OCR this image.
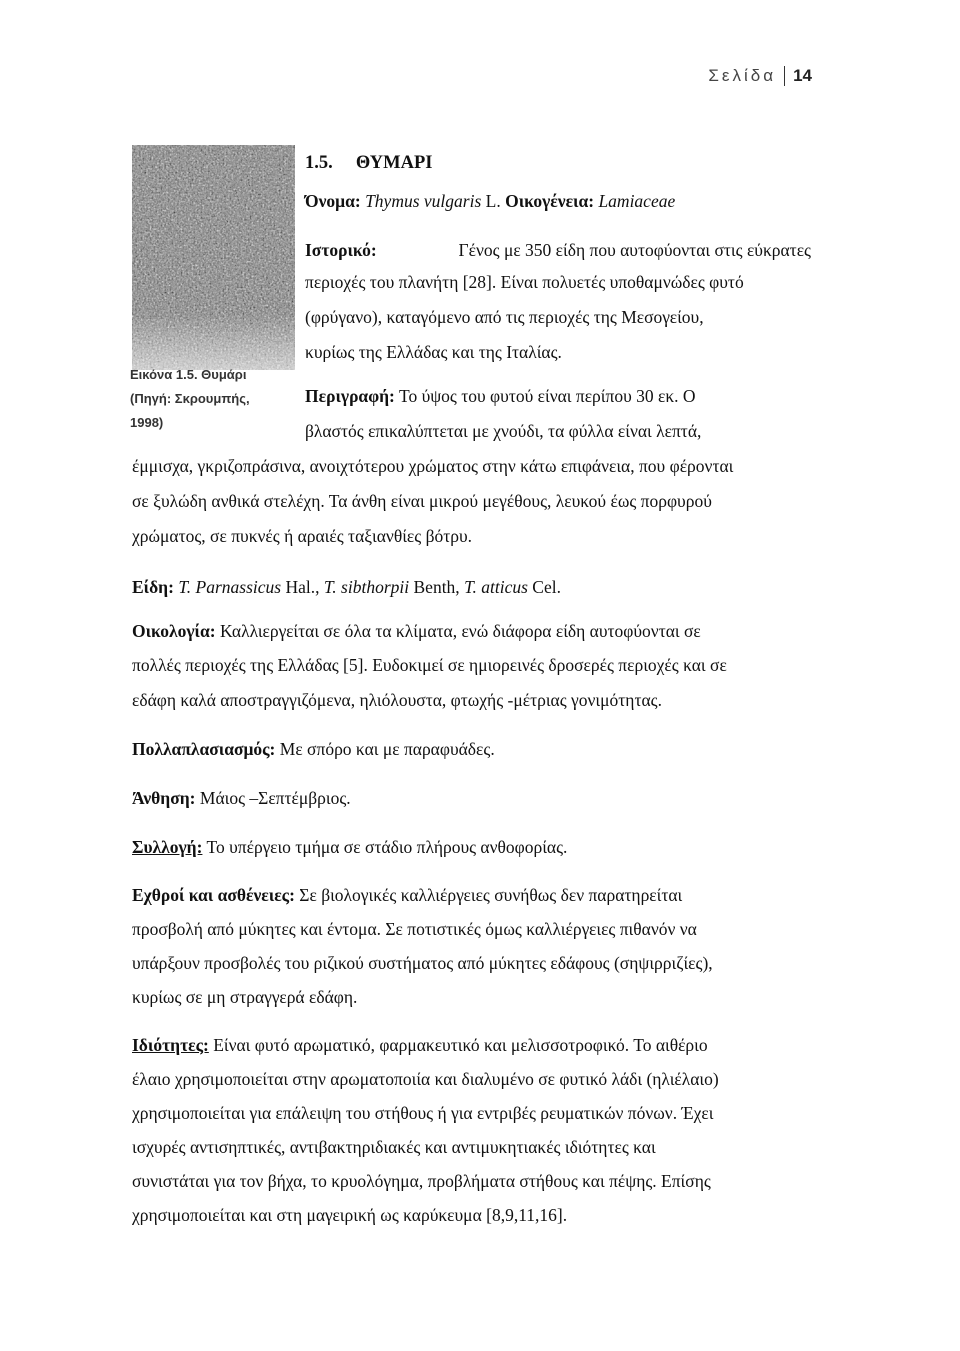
Σελίδα 14
Εικόνα 1.5. Θυμάρι
(Πηγή: Σκρουμπής,
1998)
1.5. ΘΥΜΑΡΙ
Όνομα: Thymus vulgaris L. Οικογένεια: Lamiaceae
Ιστορικό:	Γένος με 350 είδη που αυτοφύονται στις εύκρατες
περιοχές του πλανήτη [28]. Είναι πολυετές υποθαμνώδες φυτό
(φρύγανο), καταγόμενο από τις περιοχές της Μεσογείου,
κυρίως της Ελλάδας και της Ιταλίας.
Περιγραφή: Το ύψος του φυτού είναι περίπου 30 εκ. Ο
βλαστός επικαλύπτεται με χνούδι, τα φύλλα είναι λεπτά,
έμμισχα, γκριζοπράσινα, ανοιχτότερου χρώματος στην κάτω επιφάνεια, που φέρονται
σε ξυλώδη ανθικά στελέχη. Τα άνθη είναι μικρού μεγέθους, λευκού έως πορφυρού
χρώματος, σε πυκνές ή αραιές ταξιανθίες βότρυ.
Είδη: T. Parnassicus Hal., T. sibthorpii Benth, T. atticus Cel.
Οικολογία: Καλλιεργείται σε όλα τα κλίματα, ενώ διάφορα είδη αυτοφύονται σε
πολλές περιοχές της Ελλάδας [5]. Ευδοκιμεί σε ημιορεινές δροσερές περιοχές και σε
εδάφη καλά αποστραγγιζόμενα, ηλιόλουστα, φτωχής -μέτριας γονιμότητας.
Πολλαπλασιασμός: Με σπόρο και με παραφυάδες.
Άνθηση: Μάιος –Σεπτέμβριος.
Συλλογή: Το υπέργειο τμήμα σε στάδιο πλήρους ανθοφορίας.
Εχθροί και ασθένειες: Σε βιολογικές καλλιέργειες συνήθως δεν παρατηρείται
προσβολή από μύκητες και έντομα. Σε ποτιστικές όμως καλλιέργειες πιθανόν να
υπάρξουν προσβολές του ριζικού συστήματος από μύκητες εδάφους (σηψιρριζίες),
κυρίως σε μη στραγγερά εδάφη.
Ιδιότητες: Είναι φυτό αρωματικό, φαρμακευτικό και μελισσοτροφικό. Το αιθέριο
έλαιο χρησιμοποιείται στην αρωματοποιία και διαλυμένο σε φυτικό λάδι (ηλιέλαιο)
χρησιμοποιείται για επάλειψη του στήθους ή για εντριβές ρευματικών πόνων. Έχει
ισχυρές αντισηπτικές, αντιβακτηριδιακές και αντιμυκητιακές ιδιότητες και
συνιστάται για τον βήχα, το κρυολόγημα, προβλήματα στήθους και πέψης. Επίσης
χρησιμοποιείται και στη μαγειρική ως καρύκευμα [8,9,11,16].
